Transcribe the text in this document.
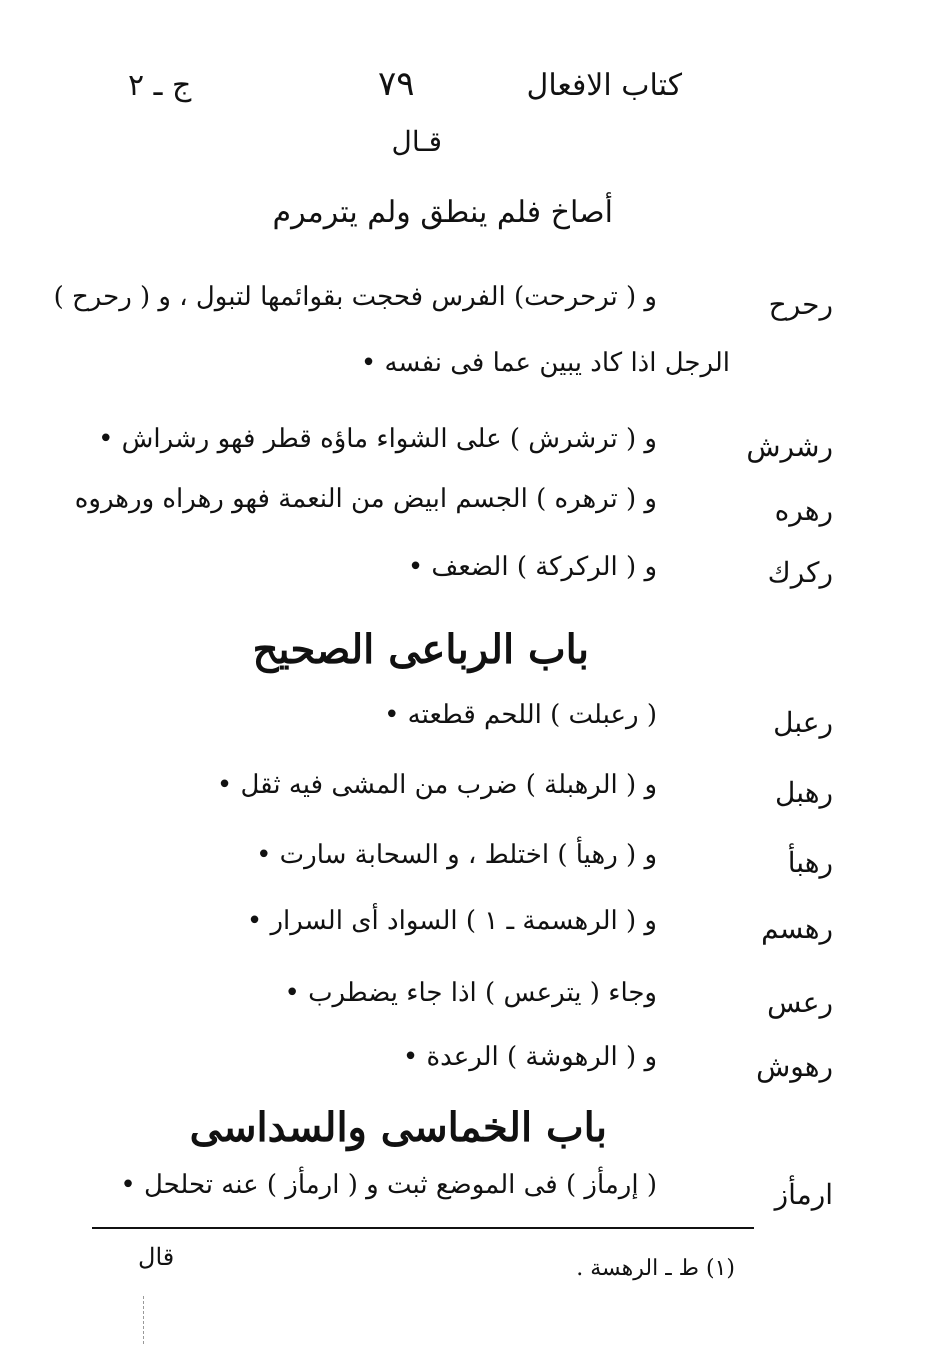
كتاب الافعال
٧٩
ج ـ ٢
قـال
أصاخ فلم ينطق ولم يترمرم
رحرح
و ( ترحرحت) الفرس فحجت بقوائمها لتبول ، و ( رحرح )
الرجل اذا كاد يبين عما فى نفسه •
رشرش
و ( ترشرش ) على الشواء ماؤه قطر فهو رشراش •
رهره
و ( ترهره ) الجسم ابيض من النعمة فهو رهراه ورهروه
ركرك
و ( الركركة ) الضعف •
باب الرباعى الصحيح
رعبل
( رعبلت ) اللحم قطعته •
رهبل
و ( الرهبلة ) ضرب من المشى فيه ثقل •
رهبأ
و ( رهيأ ) اختلط ، و السحابة سارت •
رهسم
و ( الرهسمة ـ ١ ) السواد أى السرار •
رعس
وجاء ( يترعس ) اذا جاء يضطرب •
رهوش
و ( الرهوشة ) الرعدة •
باب الخماسى والسداسى
ارمأز
( إرمأز ) فى الموضع ثبت و ( ارمأز ) عنه تحلحل •
قال	(١) ط ـ الرهسة .
